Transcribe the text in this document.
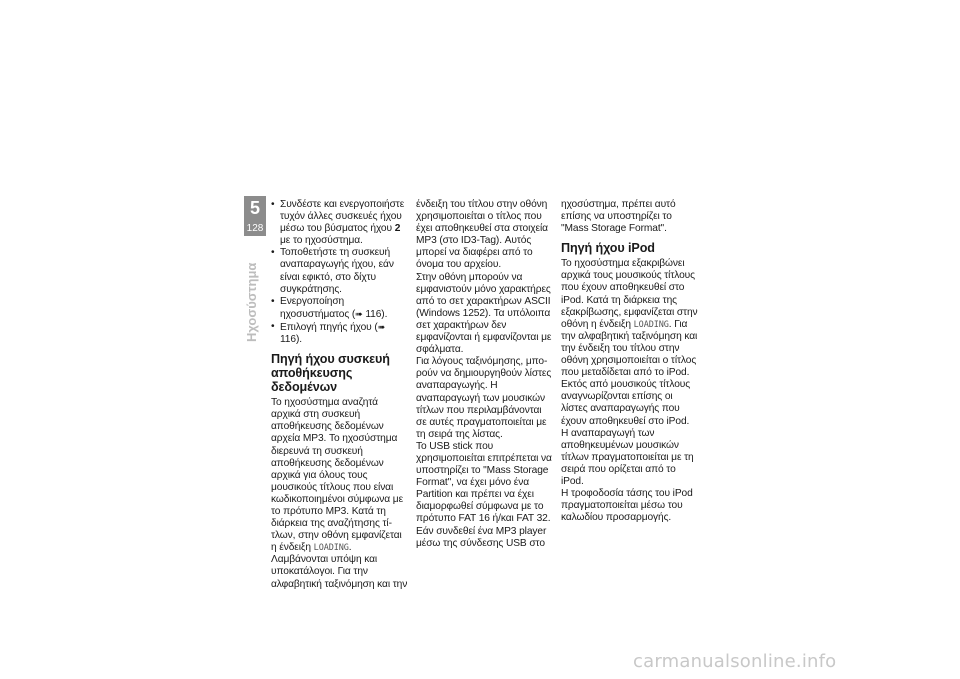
5
128
Ηχοσύστημα
• Συνδέστε και ενεργοποιήστε τυχόν άλλες συσκευές ήχου μέσω του βύσματος ήχου 2 με το ηχοσύστημα.
• Τοποθετήστε τη συσκευή αναπαραγωγής ήχου, εάν είναι εφικτό, στο δίχτυ συγκράτησης.
• Ενεργοποίηση ηχοσυστήματος (➠ 116).
• Επιλογή πηγής ήχου (➠ 116).
Πηγή ήχου συσκευή αποθήκευσης δεδομένων

Το ηχοσύστημα αναζητά αρχικά στη συσκευή αποθήκευσης δεδομένων αρχεία MP3. Το ηχοσύστημα διερευνά τη συσκευή αποθήκευσης δεδομένων αρχικά για όλους τους μουσικούς τίτλους που είναι κωδικοποιημένοι σύμφωνα με το πρότυπο MP3. Κατά τη διάρκεια της αναζήτησης τίτλων, στην οθόνη εμφανίζεται η ένδειξη LOADING. Λαμβάνονται υπόψη και υποκατάλογοι. Για την αλφαβητική ταξινόμηση και την

ένδειξη του τίτλου στην οθόνη χρησιμοποιείται ο τίτλος που έχει αποθηκευθεί στα στοιχεία MP3 (στο ID3-Tag). Αυτός μπορεί να διαφέρει από το όνομα του αρχείου.

Στην οθόνη μπορούν να εμφανιστούν μόνο χαρακτήρες από το σετ χαρακτήρων ASCII (Windows 1252). Τα υπόλοιπα σετ χαρακτήρων δεν εμφανίζονται ή εμφανίζονται με σφάλματα.

Για λόγους ταξινόμησης, μπορούν να δημιουργηθούν λίστες αναπαραγωγής. Η αναπαραγωγή των μουσικών τίτλων που περιλαμβάνονται σε αυτές πραγματοποιείται με τη σειρά της λίστας.

Το USB stick που χρησιμοποιείται επιτρέπεται να υποστηρίζει το "Mass Storage Format", να έχει μόνο ένα Partition και πρέπει να έχει διαμορφωθεί σύμφωνα με το πρότυπο FAT 16 ή/και FAT 32.

Εάν συνδεθεί ένα MP3 player μέσω της σύνδεσης USB στο

ηχοσύστημα, πρέπει αυτό επίσης να υποστηρίζει το "Mass Storage Format".

Πηγή ήχου iPod

Το ηχοσύστημα εξακριβώνει αρχικά τους μουσικούς τίτλους που έχουν αποθηκευθεί στο iPod. Κατά τη διάρκεια της εξακρίβωσης, εμφανίζεται στην οθόνη η ένδειξη LOADING. Για την αλφαβητική ταξινόμηση και την ένδειξη του τίτλου στην οθόνη χρησιμοποιείται ο τίτλος που μεταδίδεται από το iPod.

Εκτός από μουσικούς τίτλους αναγνωρίζονται επίσης οι λίστες αναπαραγωγής που έχουν αποθηκευθεί στο iPod. Η αναπαραγωγή των αποθηκευμένων μουσικών τίτλων πραγματοποιείται με τη σειρά που ορίζεται από το iPod.

Η τροφοδοσία τάσης του iPod πραγματοποιείται μέσω του καλωδίου προσαρμογής.

carmanualsonline.info
